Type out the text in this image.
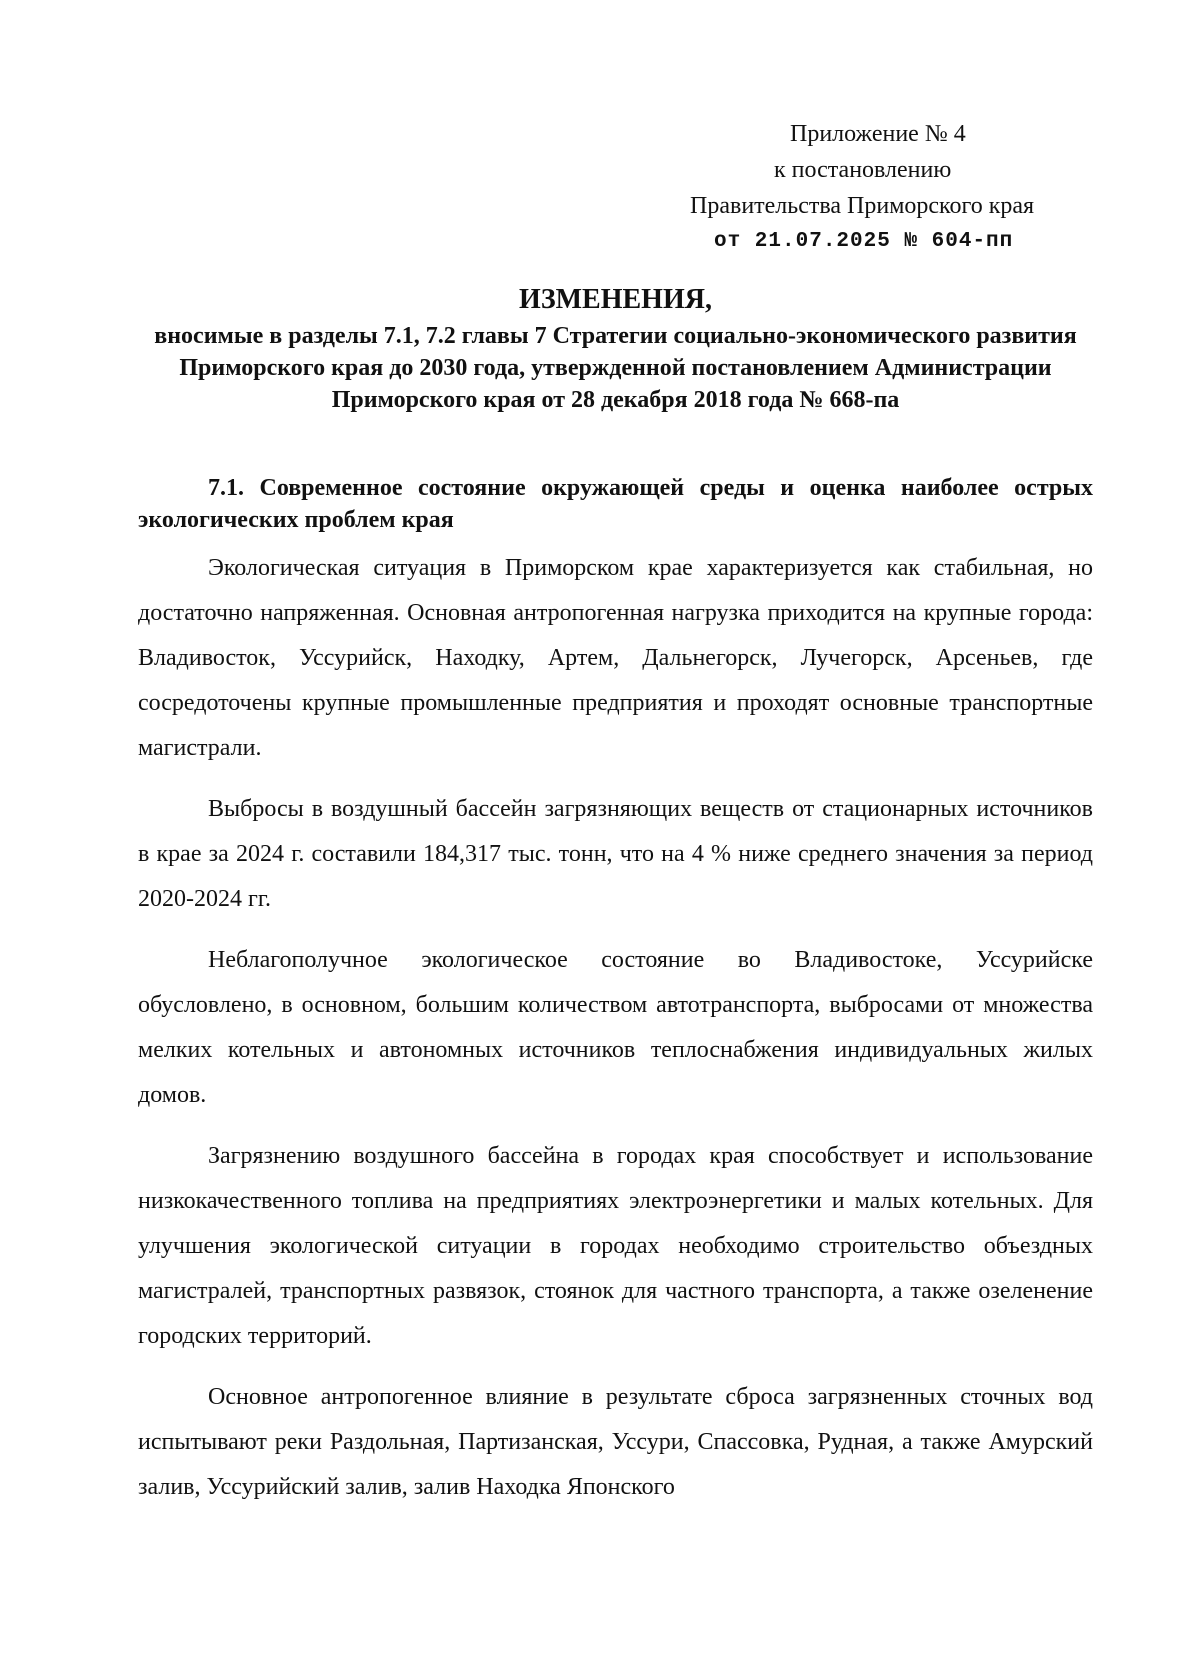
Приложение № 4
к постановлению
Правительства Приморского края
от 21.07.2025 № 604-пп
ИЗМЕНЕНИЯ,
вносимые в разделы 7.1, 7.2 главы 7 Стратегии социально-экономического развития Приморского края до 2030 года, утвержденной постановлением Администрации Приморского края от 28 декабря 2018 года № 668-па

7.1. Современное состояние окружающей среды и оценка наиболее острых экологических проблем края

Экологическая ситуация в Приморском крае характеризуется как стабильная, но достаточно напряженная. Основная антропогенная нагрузка приходится на крупные города: Владивосток, Уссурийск, Находку, Артем, Дальнегорск, Лучегорск, Арсеньев, где сосредоточены крупные промышленные предприятия и проходят основные транспортные магистрали.

Выбросы в воздушный бассейн загрязняющих веществ от стационарных источников в крае за 2024 г. составили 184,317 тыс. тонн, что на 4 % ниже среднего значения за период 2020-2024 гг.

Неблагополучное экологическое состояние во Владивостоке, Уссурийске обусловлено, в основном, большим количеством автотранспорта, выбросами от множества мелких котельных и автономных источников теплоснабжения индивидуальных жилых домов.

Загрязнению воздушного бассейна в городах края способствует и использование низкокачественного топлива на предприятиях электроэнергетики и малых котельных. Для улучшения экологической ситуации в городах необходимо строительство объездных магистралей, транспортных развязок, стоянок для частного транспорта, а также озеленение городских территорий.

Основное антропогенное влияние в результате сброса загрязненных сточных вод испытывают реки Раздольная, Партизанская, Уссури, Спассовка, Рудная, а также Амурский залив, Уссурийский залив, залив Находка Японского
